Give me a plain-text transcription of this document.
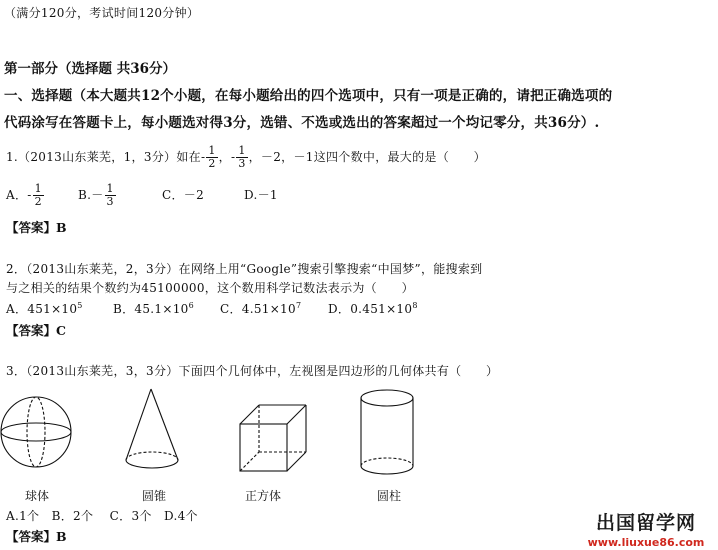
（满分120分，考试时间120分钟）
第一部分（选择题 共36分）
一、选择题（本大题共12个小题，在每小题给出的四个选项中，只有一项是正确的，请把正确选项的
代码涂写在答题卡上，每小题选对得3分，选错、不选或选出的答案超过一个均记零分，共36分）.
1.（2013山东莱芜，1，3分）如在- $\frac{1}{2}$ ，- $\frac{1}{3}$ ，－2，－1这四个数中，最大的是（　　）
A．- $\frac{1}{2}$	$B.- \frac{1}{3}$	C．－2	D.－1
【答案】B
2．（2013山东莱芜，2，3分）在网络上用“Google”搜索引擎搜索“中国梦”，能搜索到
与之相关的结果个数约为45100000，这个数用科学记数法表示为（　　）
A．$451\times 10^5$	B．$45.1\times 10^6$ C．$4.51\times 10^7$ D．$0.451\times 10^8$
【答案】C
3．（2013山东莱芜，3，3分）下面四个几何体中，左视图是四边形的几何体共有（　　）
球体	圆锥	正方体	圆柱
A.1个　B．2个　 C．3个　D.4个
【答案】B
出国留学网
www.liuxue86.com
